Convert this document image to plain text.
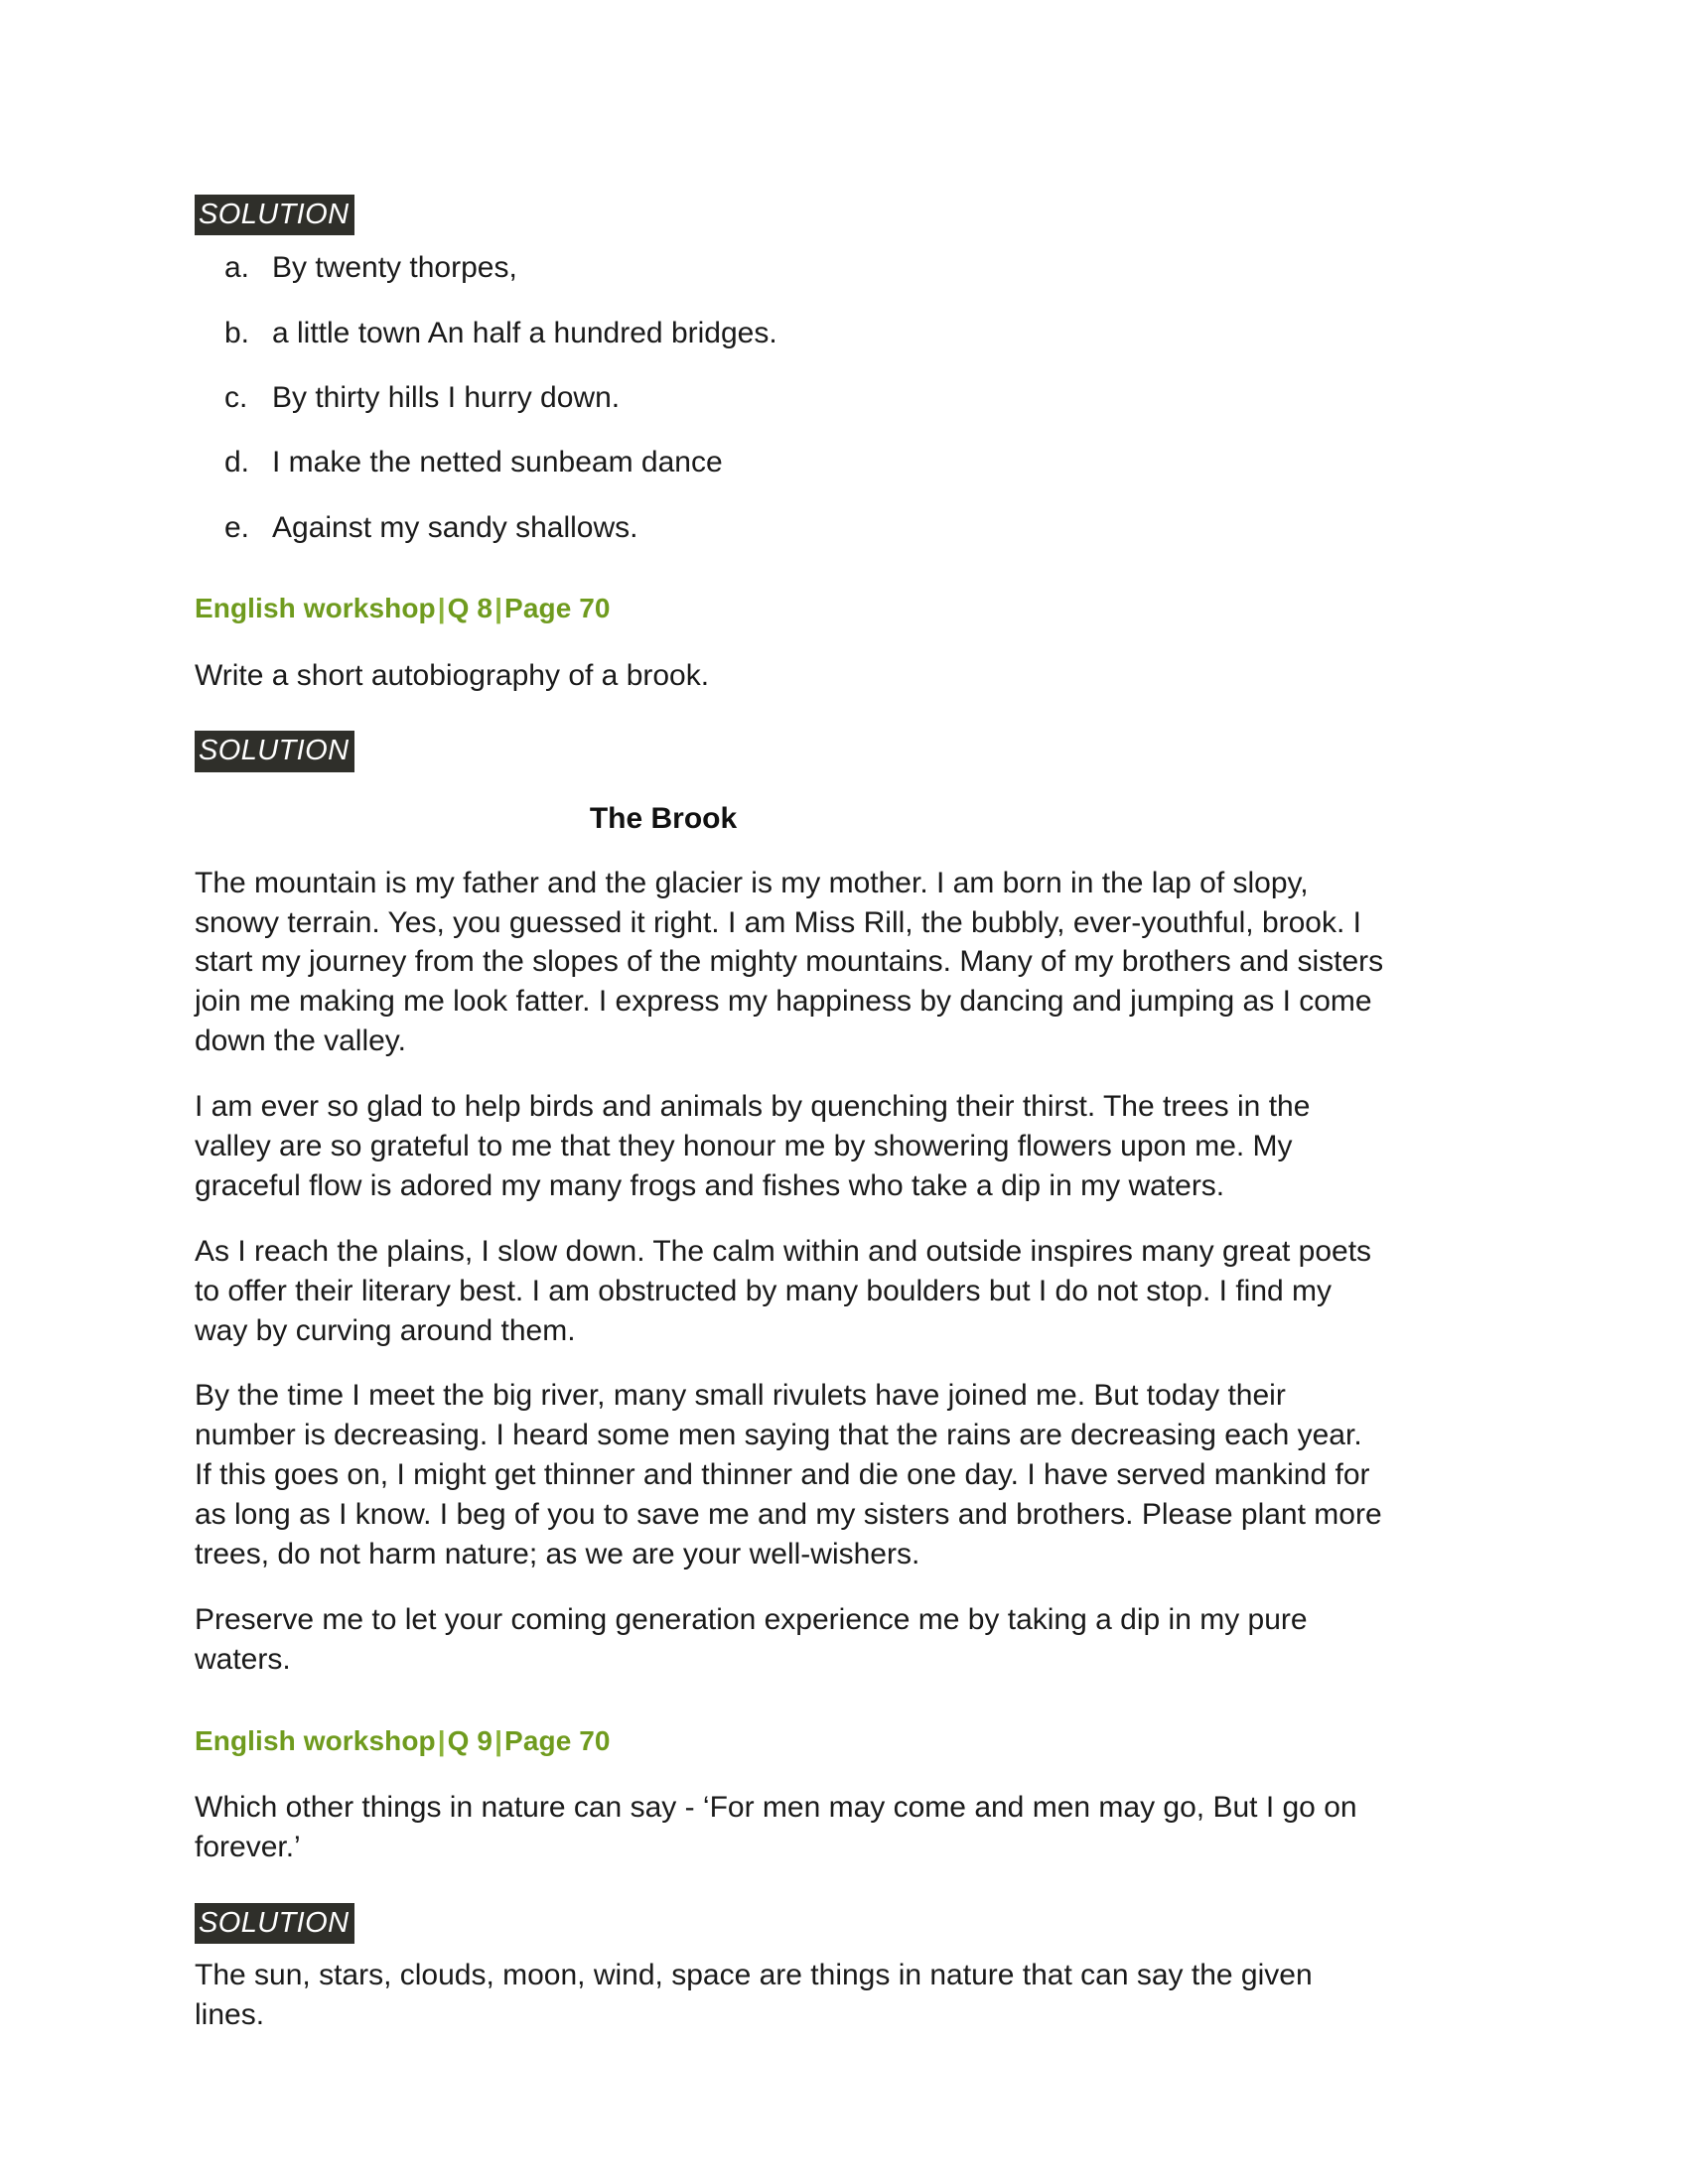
SOLUTION
a. By twenty thorpes,
b. a little town An half a hundred bridges.
c. By thirty hills I hurry down.
d. I make the netted sunbeam dance
e. Against my sandy shallows.
English workshop|Q 8|Page 70

Write a short autobiography of a brook.

SOLUTION
The Brook

The mountain is my father and the glacier is my mother. I am born in the lap of slopy, snowy terrain. Yes, you guessed it right. I am Miss Rill, the bubbly, ever-youthful, brook. I start my journey from the slopes of the mighty mountains. Many of my brothers and sisters join me making me look fatter. I express my happiness by dancing and jumping as I come down the valley.

I am ever so glad to help birds and animals by quenching their thirst. The trees in the valley are so grateful to me that they honour me by showering flowers upon me. My graceful flow is adored my many frogs and fishes who take a dip in my waters.

As I reach the plains, I slow down. The calm within and outside inspires many great poets to offer their literary best. I am obstructed by many boulders but I do not stop. I find my way by curving around them.

By the time I meet the big river, many small rivulets have joined me. But today their number is decreasing. I heard some men saying that the rains are decreasing each year. If this goes on, I might get thinner and thinner and die one day. I have served mankind for as long as I know. I beg of you to save me and my sisters and brothers. Please plant more trees, do not harm nature; as we are your well-wishers.

Preserve me to let your coming generation experience me by taking a dip in my pure waters.

English workshop|Q 9|Page 70

Which other things in nature can say - ‘For men may come and men may go, But I go on forever.’

SOLUTION

The sun, stars, clouds, moon, wind, space are things in nature that can say the given lines.
